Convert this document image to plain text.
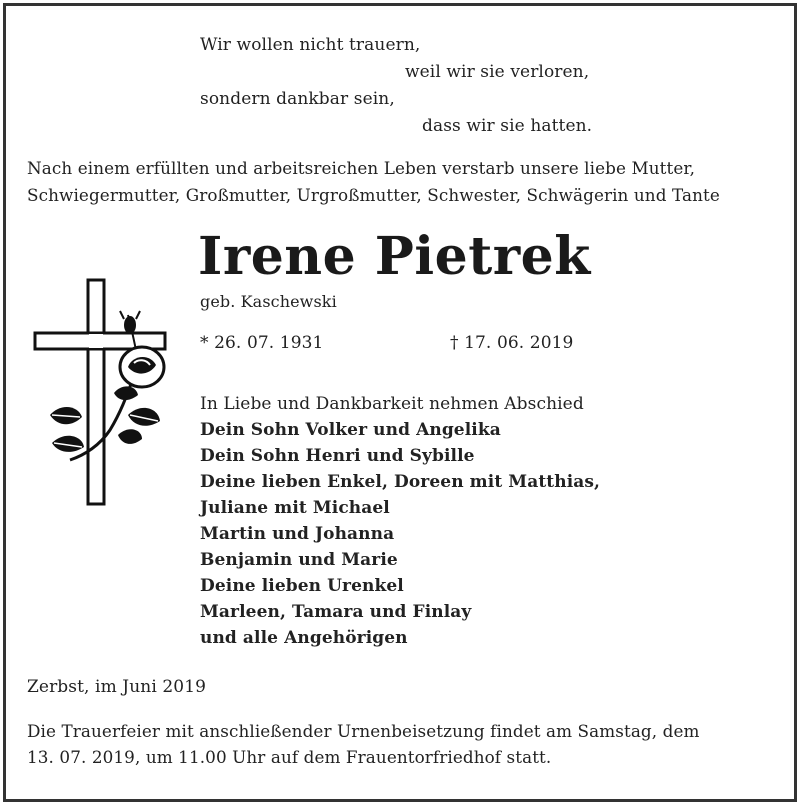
Wir wollen nicht trauern,
weil wir sie verloren,
sondern dankbar sein,
dass wir sie hatten.
Nach einem erfüllten und arbeitsreichen Leben verstarb unsere liebe Mutter,
Schwiegermutter, Großmutter, Urgroßmutter, Schwester, Schwägerin und Tante
Irene Pietrek
geb. Kaschewski
* 26. 07. 1931	† 17. 06. 2019
In Liebe und Dankbarkeit nehmen Abschied
Dein Sohn Volker und Angelika
Dein Sohn Henri und Sybille
Deine lieben Enkel, Doreen mit Matthias,
Juliane mit Michael
Martin und Johanna
Benjamin und Marie
Deine lieben Urenkel
Marleen, Tamara und Finlay
und alle Angehörigen
Zerbst, im Juni 2019
Die Trauerfeier mit anschließender Urnenbeisetzung findet am Samstag, dem
13. 07. 2019, um 11.00 Uhr auf dem Frauentorfriedhof statt.
